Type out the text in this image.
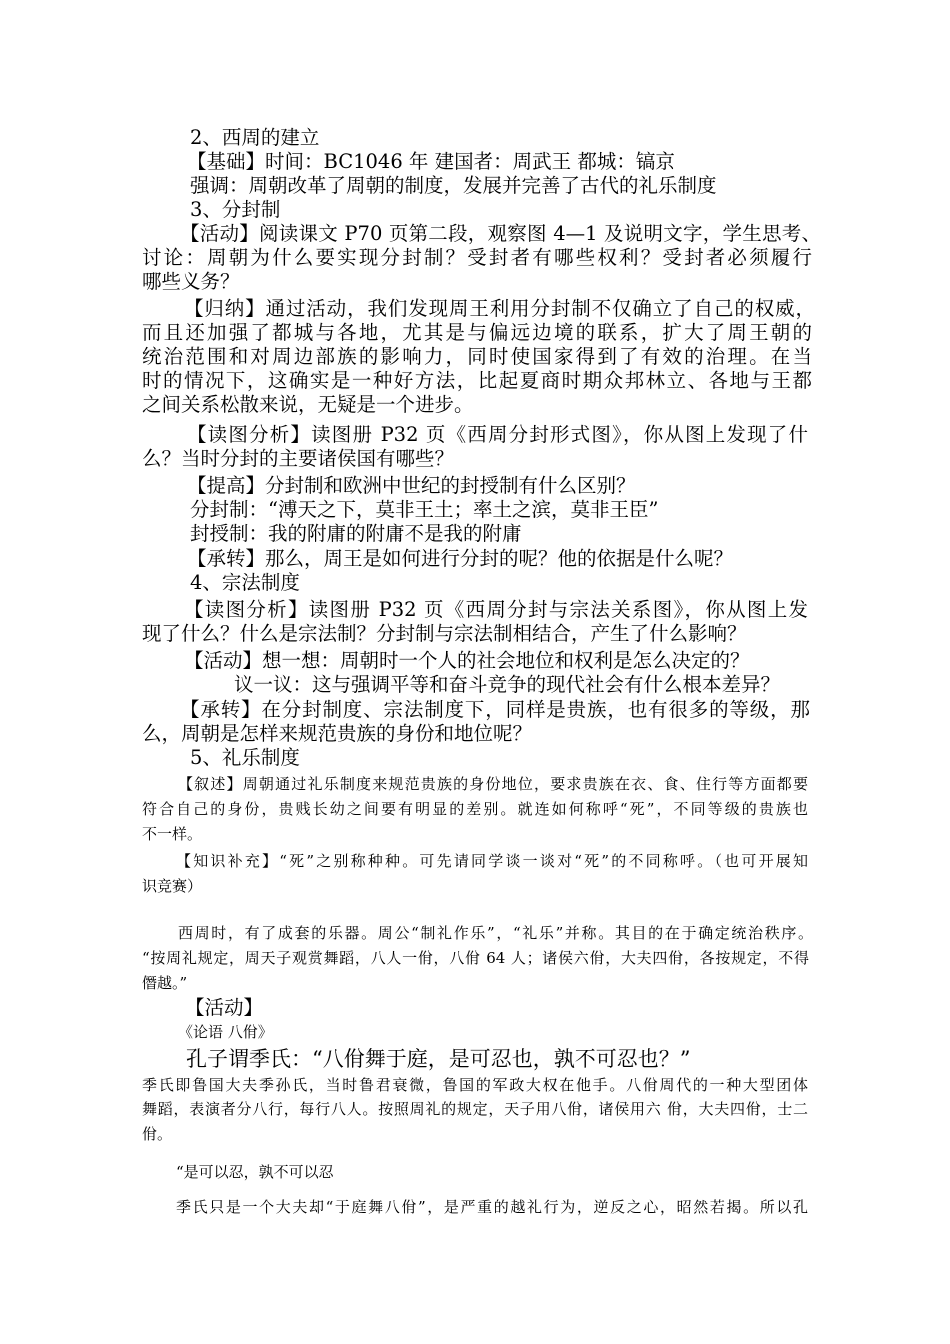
2、西周的建立

【基础】时间：BC1046 年 建国者：周武王 都城：镐京

强调：周朝改革了周朝的制度，发展并完善了古代的礼乐制度

3、分封制

【活动】阅读课文 P70 页第二段，观察图 4—1 及说明文字，学生思考、

讨论：周朝为什么要实现分封制？受封者有哪些权利？受封者必须履行

哪些义务？

【归纳】通过活动，我们发现周王利用分封制不仅确立了自己的权威，

而且还加强了都城与各地，尤其是与偏远边境的联系，扩大了周王朝的

统治范围和对周边部族的影响力，同时使国家得到了有效的治理。在当

时的情况下，这确实是一种好方法，比起夏商时期众邦林立、各地与王都

之间关系松散来说，无疑是一个进步。

【读图分析】读图册 P32 页《西周分封形式图》，你从图上发现了什

么？当时分封的主要诸侯国有哪些？

【提高】分封制和欧洲中世纪的封授制有什么区别？

分封制：“溥天之下，莫非王土；率土之滨，莫非王臣”

封授制：我的附庸的附庸不是我的附庸

【承转】那么，周王是如何进行分封的呢？他的依据是什么呢？

4、宗法制度

【读图分析】读图册 P32 页《西周分封与宗法关系图》，你从图上发

现了什么？什么是宗法制？分封制与宗法制相结合，产生了什么影响？

【活动】想一想：周朝时一个人的社会地位和权利是怎么决定的？

议一议：这与强调平等和奋斗竞争的现代社会有什么根本差异？

【承转】在分封制度、宗法制度下，同样是贵族，也有很多的等级，那

么，周朝是怎样来规范贵族的身份和地位呢？

5、礼乐制度

【叙述】周朝通过礼乐制度来规范贵族的身份地位，要求贵族在衣、食、住行等方面都要

符合自己的身份，贵贱长幼之间要有明显的差别。就连如何称呼“死”，不同等级的贵族也

不一样。

【知识补充】“死”之别称种种。可先请同学谈一谈对“死”的不同称呼。（也可开展知

识竞赛）

西周时，有了成套的乐器。周公“制礼作乐”，“礼乐”并称。其目的在于确定统治秩序。

“按周礼规定，周天子观赏舞蹈，八人一佾，八佾 64 人；诸侯六佾，大夫四佾，各按规定，不得

僭越。”

【活动】

《论语 八佾》

孔子谓季氏：“八佾舞于庭，是可忍也，孰不可忍也？”

季氏即鲁国大夫季孙氏，当时鲁君衰微，鲁国的军政大权在他手。八佾周代的一种大型团体

舞蹈，表演者分八行，每行八人。按照周礼的规定，天子用八佾，诸侯用六 佾，大夫四佾，士二

佾。

“是可以忍，孰不可以忍

季氏只是一个大夫却“于庭舞八佾”，是严重的越礼行为，逆反之心，昭然若揭。所以孔
